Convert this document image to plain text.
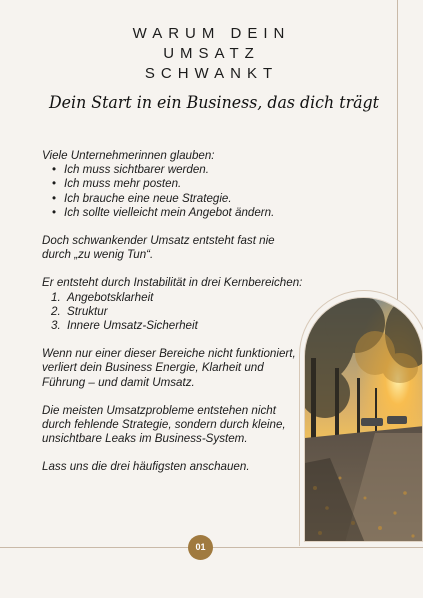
WARUM DEIN
UMSATZ
SCHWANKT
Dein Start in ein Business, das dich trägt

Viele Unternehmerinnen glauben:

• Ich muss sichtbarer werden.
• Ich muss mehr posten.
• Ich brauche eine neue Strategie.
• Ich sollte vielleicht mein Angebot ändern.

Doch schwankender Umsatz entsteht fast nie durch „zu wenig Tun“.

Er entsteht durch Instabilität in drei Kernbereichen:

1. Angebotsklarheit
2. Struktur
3. Innere Umsatz-Sicherheit

Wenn nur einer dieser Bereiche nicht funktioniert, verliert dein Business Energie, Klarheit und Führung – und damit Umsatz.

Die meisten Umsatzprobleme entstehen nicht durch fehlende Strategie, sondern durch kleine, unsichtbare Leaks im Business-System.

Lass uns die drei häufigsten anschauen.

01
